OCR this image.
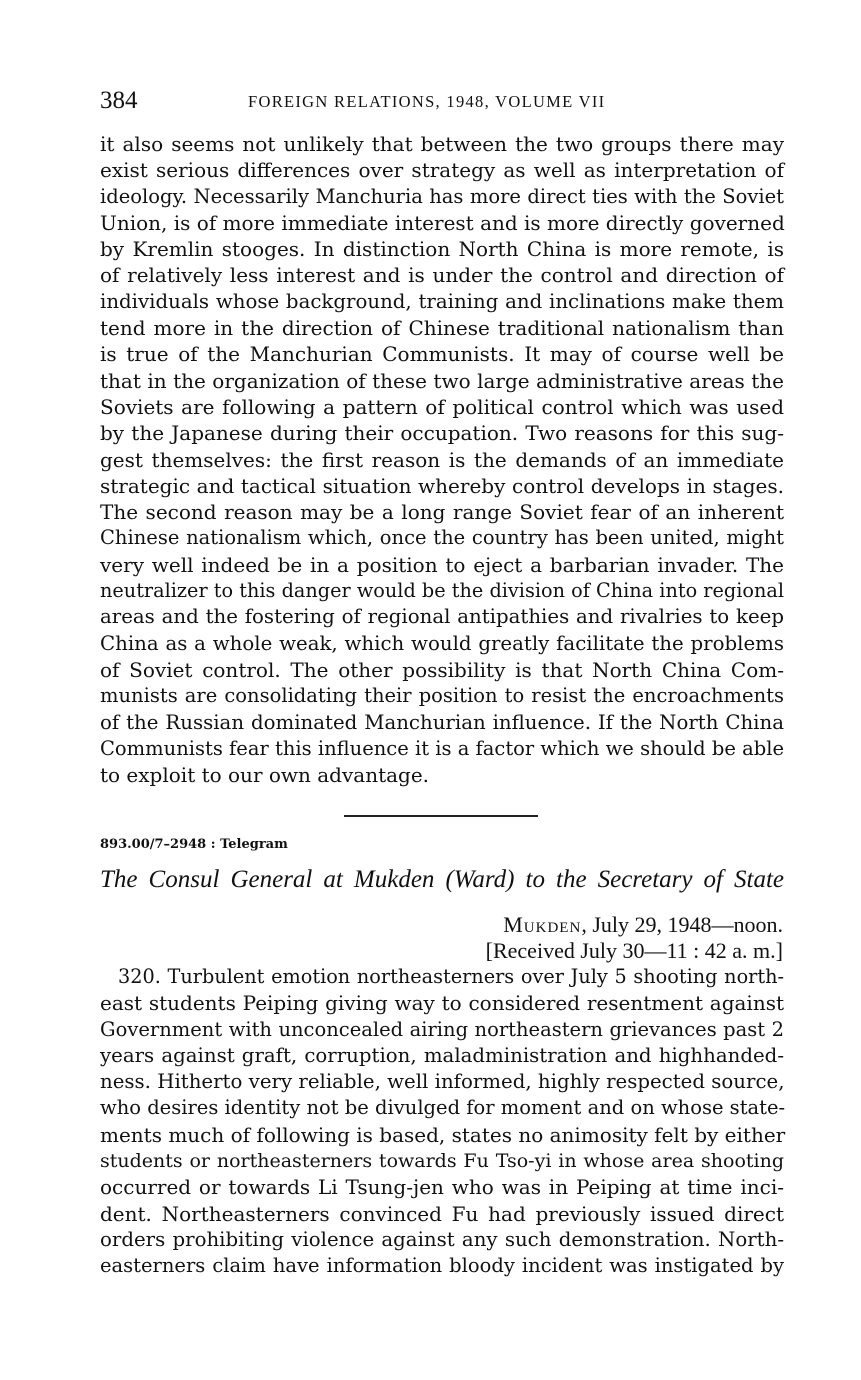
384	FOREIGN RELATIONS, 1948, VOLUME VII
it also seems not unlikely that between the two groups there may
exist serious differences over strategy as well as interpretation of
ideology. Necessarily Manchuria has more direct ties with the Soviet
Union, is of more immediate interest and is more directly governed
by Kremlin stooges. In distinction North China is more remote, is
of relatively less interest and is under the control and direction of
individuals whose background, training and inclinations make them
tend more in the direction of Chinese traditional nationalism than
is true of the Manchurian Communists. It may of course well be
that in the organization of these two large administrative areas the
Soviets are following a pattern of political control which was used
by the Japanese during their occupation. Two reasons for this sug-
gest themselves: the first reason is the demands of an immediate
strategic and tactical situation whereby control develops in stages.
The second reason may be a long range Soviet fear of an inherent
Chinese nationalism which, once the country has been united, might
very well indeed be in a position to eject a barbarian invader. The
neutralizer to this danger would be the division of China into regional
areas and the fostering of regional antipathies and rivalries to keep
China as a whole weak, which would greatly facilitate the problems
of Soviet control. The other possibility is that North China Com-
munists are consolidating their position to resist the encroachments
of the Russian dominated Manchurian influence. If the North China
Communists fear this influence it is a factor which we should be able
to exploit to our own advantage.
893.00/7–2948 : Telegram
The Consul General at Mukden (Ward) to the Secretary of State
Mukden, July 29, 1948—noon.
[Received July 30—11 : 42 a. m.]
320. Turbulent emotion northeasterners over July 5 shooting north-
east students Peiping giving way to considered resentment against
Government with unconcealed airing northeastern grievances past 2
years against graft, corruption, maladministration and highhanded-
ness. Hitherto very reliable, well informed, highly respected source,
who desires identity not be divulged for moment and on whose state-
ments much of following is based, states no animosity felt by either
students or northeasterners towards Fu Tso-yi in whose area shooting
occurred or towards Li Tsung-jen who was in Peiping at time inci-
dent. Northeasterners convinced Fu had previously issued direct
orders prohibiting violence against any such demonstration. North-
easterners claim have information bloody incident was instigated by
